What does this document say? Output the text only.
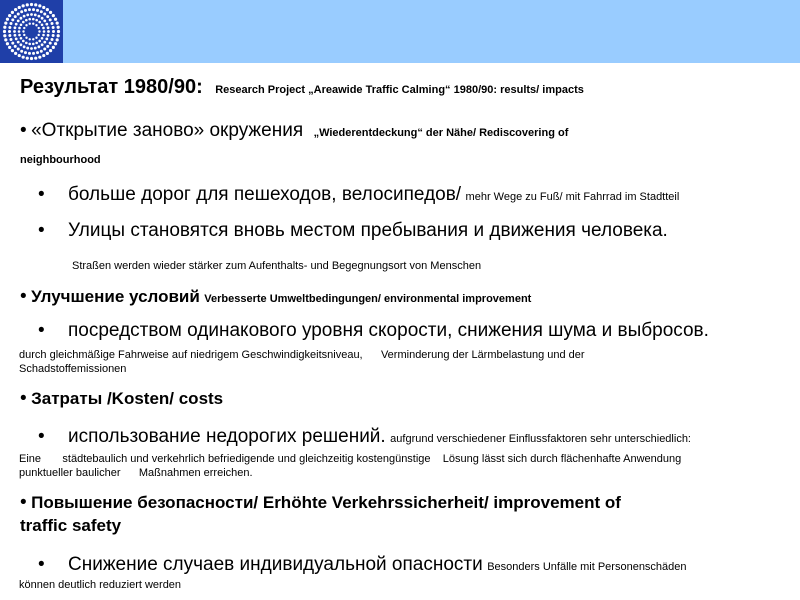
Результат 1980/90: Research Project „Areawide Traffic Calming“ 1980/90: results/ impacts
• «Открытие заново» окружения „Wiederentdeckung“ der Nähe/ Rediscovering of
neighbourhood
• больше дорог для пешеходов, велосипедов/ mehr Wege zu Fuß/ mit Fahrrad im Stadtteil
• Улицы становятся вновь местом пребывания и движения человека.
Straßen werden wieder stärker zum Aufenthalts- und Begegnungsort von Menschen
• Улучшение условий Verbesserte Umweltbedingungen/ environmental improvement
• посредством одинакового уровня скорости, снижения шума и выбросов.
durch gleichmäßige Fahrweise auf niedrigem Geschwindigkeitsniveau,      Verminderung der Lärmbelastung und der
Schadstoffemissionen
• Затраты /Kosten/ costs
• использование недорогих решений. aufgrund verschiedener Einflussfaktoren sehr unterschiedlich:
Eine       städtebaulich und verkehrlich befriedigende und gleichzeitig kostengünstige    Lösung lässt sich durch flächenhafte Anwendung
punktueller baulicher      Maßnahmen erreichen.
• Повышение безопасности/ Erhöhte Verkehrssicherheit/ improvement of
traffic safety
• Снижение случаев индивидуальной опасности Besonders Unfälle mit Personenschäden
können deutlich reduziert werden
